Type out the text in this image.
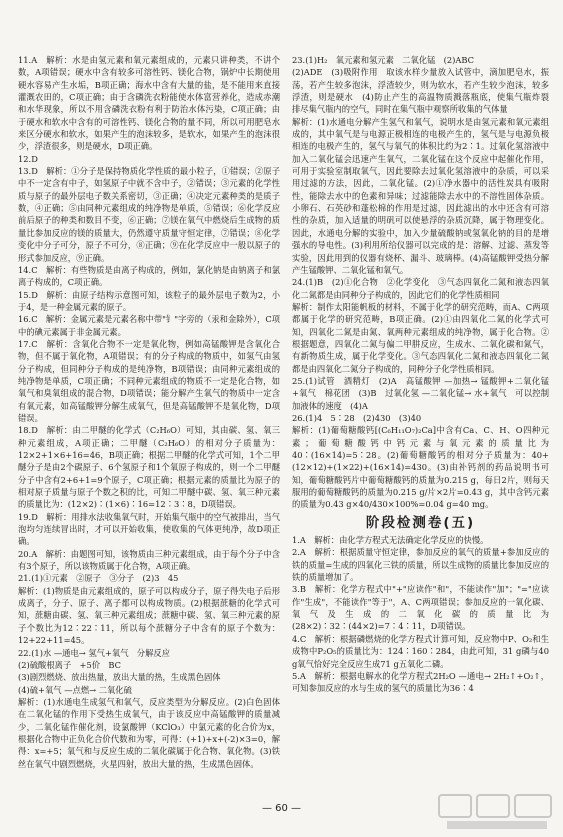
11.A　解析：水是由氢元素和氧元素组成的，元素只讲种类，不讲个数，A项错误；硬水中含有较多可溶性钙、镁化合物，锅炉中长期使用硬水容易产生水垢，B项正确；海水中含有大量的盐，是不能用来直接灌溉农田的，C项正确；由于含磷洗衣粉能使水体富营养化，造成赤潮和水华现象，所以不用含磷洗衣粉有利于防治水体污染，C项正确；由于硬水和软水中含有的可溶性钙、镁化合物的量不同，所以可用肥皂水来区分硬水和软水，如果产生的泡沫较多，是软水，如果产生的泡沫很少，浮渣很多，则是硬水，D项正确。

12.D

13.D　解析：①分子是保持物质化学性质的最小粒子，①错误；②原子中不一定含有中子，如氢原子中就不含中子，②错误；③元素的化学性质与原子的最外层电子数关系密切，③正确；④决定元素种类的是质子数，④正确；⑤由同种元素组成的纯净物是单质，⑤错误；⑥化学反应前后原子的种类和数目不变，⑥正确；⑦镁在氧气中燃烧后生成物的质量比参加反应的镁的质量大，仍然遵守质量守恒定律，⑦错误；⑧化学变化中分子可分，原子不可分，⑧正确；⑨在化学反应中一般以原子的形式参加反应，⑨正确。

14.C　解析：有些物质是由离子构成的，例如，氯化钠是由钠离子和氯离子构成的，C项正确。

15.D　解析：由原子结构示意图可知，该粒子的最外层电子数为2，小于4，是一种金属元素的原子。

16.C　解析：金属元素是元素名称中带"钅"字旁的（汞和金除外），C项中的碘元素属于非金属元素。

17.C　解析：含氧化合物不一定是氧化物，例如高锰酸钾是含氧化合物，但不属于氧化物，A项错误；有的分子构成的物质中，如氢气由氢分子构成，但同种分子构成的是纯净物，B项错误；由同种元素组成的纯净物是单质，C项正确；不同种元素组成的物质不一定是化合物，如氧气和臭氧组成的混合物，D项错误；能分解产生氧气的物质中一定含有氧元素，如高锰酸钾分解生成氧气，但是高锰酸钾不是氧化物，D项错误。

18.D　解析：由二甲醚的化学式（C₂H₆O）可知，其由碳、氢、氧三种元素组成，A项正确；二甲醚（C₂H₆O）的相对分子质量为：12×2+1×6+16=46，B项正确；根据二甲醚的化学式可知，1个二甲醚分子是由2个碳原子、6个氢原子和1个氧原子构成的，则一个二甲醚分子中含有2+6+1=9个原子，C项正确；根据元素的质量比为原子的相对原子质量与原子个数之积的比，可知二甲醚中碳、氢、氧三种元素的质量比为：(12×2)∶(1×6)∶16=12∶3∶8，D项错误。

19.D　解析：用排水法收集氧气时，开始集气瓶中的空气被排出，当气泡均匀连续冒出时，才可以开始收集，使收集的气体更纯净，故D项正确。

20.A　解析：由题图可知，该物质由三种元素组成，由于每个分子中含有3个原子，所以该物质属于化合物，A项正确。

21.(1)①元素　②原子　③分子　(2)3　45

解析：(1)物质是由元素组成的，原子可以构成分子，原子得失电子后形成离子，分子、原子、离子都可以构成物质。(2)根据蔗糖的化学式可知，蔗糖由碳、氢、氧三种元素组成；蔗糖中碳、氢、氧三种元素的原子个数比为12∶22∶11，所以每个蔗糖分子中含有的原子个数为：12+22+11=45。

22.(1)水 —通电→ 氢气+氧气　分解反应

(2)硫酸根离子　+5价　BC

(3)剧烈燃烧、放出热量，放出大量的热，生成黑色固体

(4)硫+氧气 —点燃→ 二氧化硫

解析：(1)水通电生成氢气和氧气，反应类型为分解反应。(2)白色固体在二氧化锰的作用下受热生成氧气，由于该反应中高锰酸钾的质量减少，二氧化锰作催化剂，设氯酸钾（KClO₃）中氯元素的化合价为x，根据化合物中正负化合价代数和为零，可得：(+1)+x+(-2)×3=0，解得：x=+5；氧气和与反应生成的二氧化碳属于化合物、氧化物。(3)铁丝在氧气中剧烈燃烧，火星四射，放出大量的热，生成黑色固体。

23.(1)H₂　氧元素和氢元素　二氧化锰　(2)ABC

(2)ADE　(3)吸附作用　取该水样少量放入试管中，滴加肥皂水，振荡，若产生较多泡沫，浮渣较少，则为软水，若产生较少泡沫，较多浮渣，则是硬水　(4)防止产生的高温物质溅落瓶底，使集气瓶炸裂　排尽集气瓶内的空气，同时在集气瓶中观察所收集的气体量

解析：(1)水通电分解产生氢气和氧气，说明水是由氢元素和氧元素组成的，其中氧气是与电源正极相连的电极产生的，氢气是与电源负极相连的电极产生的，氢气与氧气的体积比约为2∶1。过氧化氢溶液中加入二氧化锰会迅速产生氧气，二氧化锰在这个反应中起催化作用，可用于实验室制取氧气，因此要除去过氧化氢溶液中的杂质，可以采用过滤的方法，因此，二氧化锰。(2)①净水器中的活性炭具有吸附性，能除去水中的色素和异味；过滤能除去水中的不溶性固体杂质。小卵石、石英砂和蓬松棉的作用是过滤，因此滤出的水中还含有可溶性的杂质，加入适量的明矾可以使悬浮的杂质沉降，属于物理变化。因此，水通电分解的实验中，加入少量硫酸钠或氢氧化钠的目的是增强水的导电性。(3)利用所给仪器可以完成的是：溶解、过滤、蒸发等实验，因此用到的仪器有烧杯、漏斗、玻璃棒。(4)高锰酸钾受热分解产生锰酸钾、二氧化锰和氧气。

24.(1)B　(2)①化合物　②化学变化　③气态四氧化二氮和液态四氧化二氮都是由同种分子构成的，因此它们的化学性质相同

解析：制作太阳能帆板的材料，不属于化学的研究范畴，而A、C两项都属于化学的研究范畴，B项正确。(2)①由四氧化二氮的化学式可知，四氧化二氮是由氮、氧两种元素组成的纯净物，属于化合物。②根据题意，四氧化二氮与偏二甲肼反应，生成水、二氧化碳和氮气，有新物质生成，属于化学变化。③气态四氧化二氮和液态四氧化二氮都是由四氧化二氮分子构成的，同种分子化学性质相同。

25.(1)试管　酒精灯　(2)A　高锰酸钾 —加热→ 锰酸钾+二氧化锰+氧气　棉花团　(3)B　过氧化氢 —二氧化锰→ 水+氧气　可以控制加液体的速度　(4)A

26.(1)4　5∶28　(2)430　(3)40

解析：(1)葡萄糖酸钙[(C₆H₁₁O₇)₂Ca]中含有Ca、C、H、O四种元素；葡萄糖酸钙中钙元素与氧元素的质量比为40∶(16×14)=5∶28。(2)葡萄糖酸钙的相对分子质量为：40+(12×12)+(1×22)+(16×14)=430。(3)由补钙剂的药品说明书可知，葡萄糖酸钙片中葡萄糖酸钙的质量为0.215 g，每日2片，则每天服用的葡萄糖酸钙的质量为0.215 g/片×2片=0.43 g，其中含钙元素的质量为0.43 g×40/430×100%=0.04 g=40 mg。

阶段检测卷(五)

1.A　解析：由化学方程式无法确定化学反应的快慢。

2.A　解析：根据质量守恒定律，参加反应的氧气的质量+参加反应的铁的质量=生成的四氧化三铁的质量，所以生成物的质量比参加反应的铁的质量增加了。

3.B　解析：化学方程式中"+"应读作"和"，不能读作"加"；"="应读作"生成"，不能读作"等于"，A、C两项错误；参加反应的一氧化碳、氧气及生成的二氧化碳的质量比为(28×2)∶32∶(44×2)=7∶4∶11，D项错误。

4.C　解析：根据磷燃烧的化学方程式计算可知，反应物中P、O₂和生成物中P₂O₅的质量比为：124∶160∶284，由此可知，31 g磷与40 g氧气恰好完全反应生成71 g五氧化二磷。

5.A　解析：根据电解水的化学方程式2H₂O —通电→ 2H₂↑+O₂↑，可知参加反应的水与生成的氢气的质量比为36∶4

— 60 —
